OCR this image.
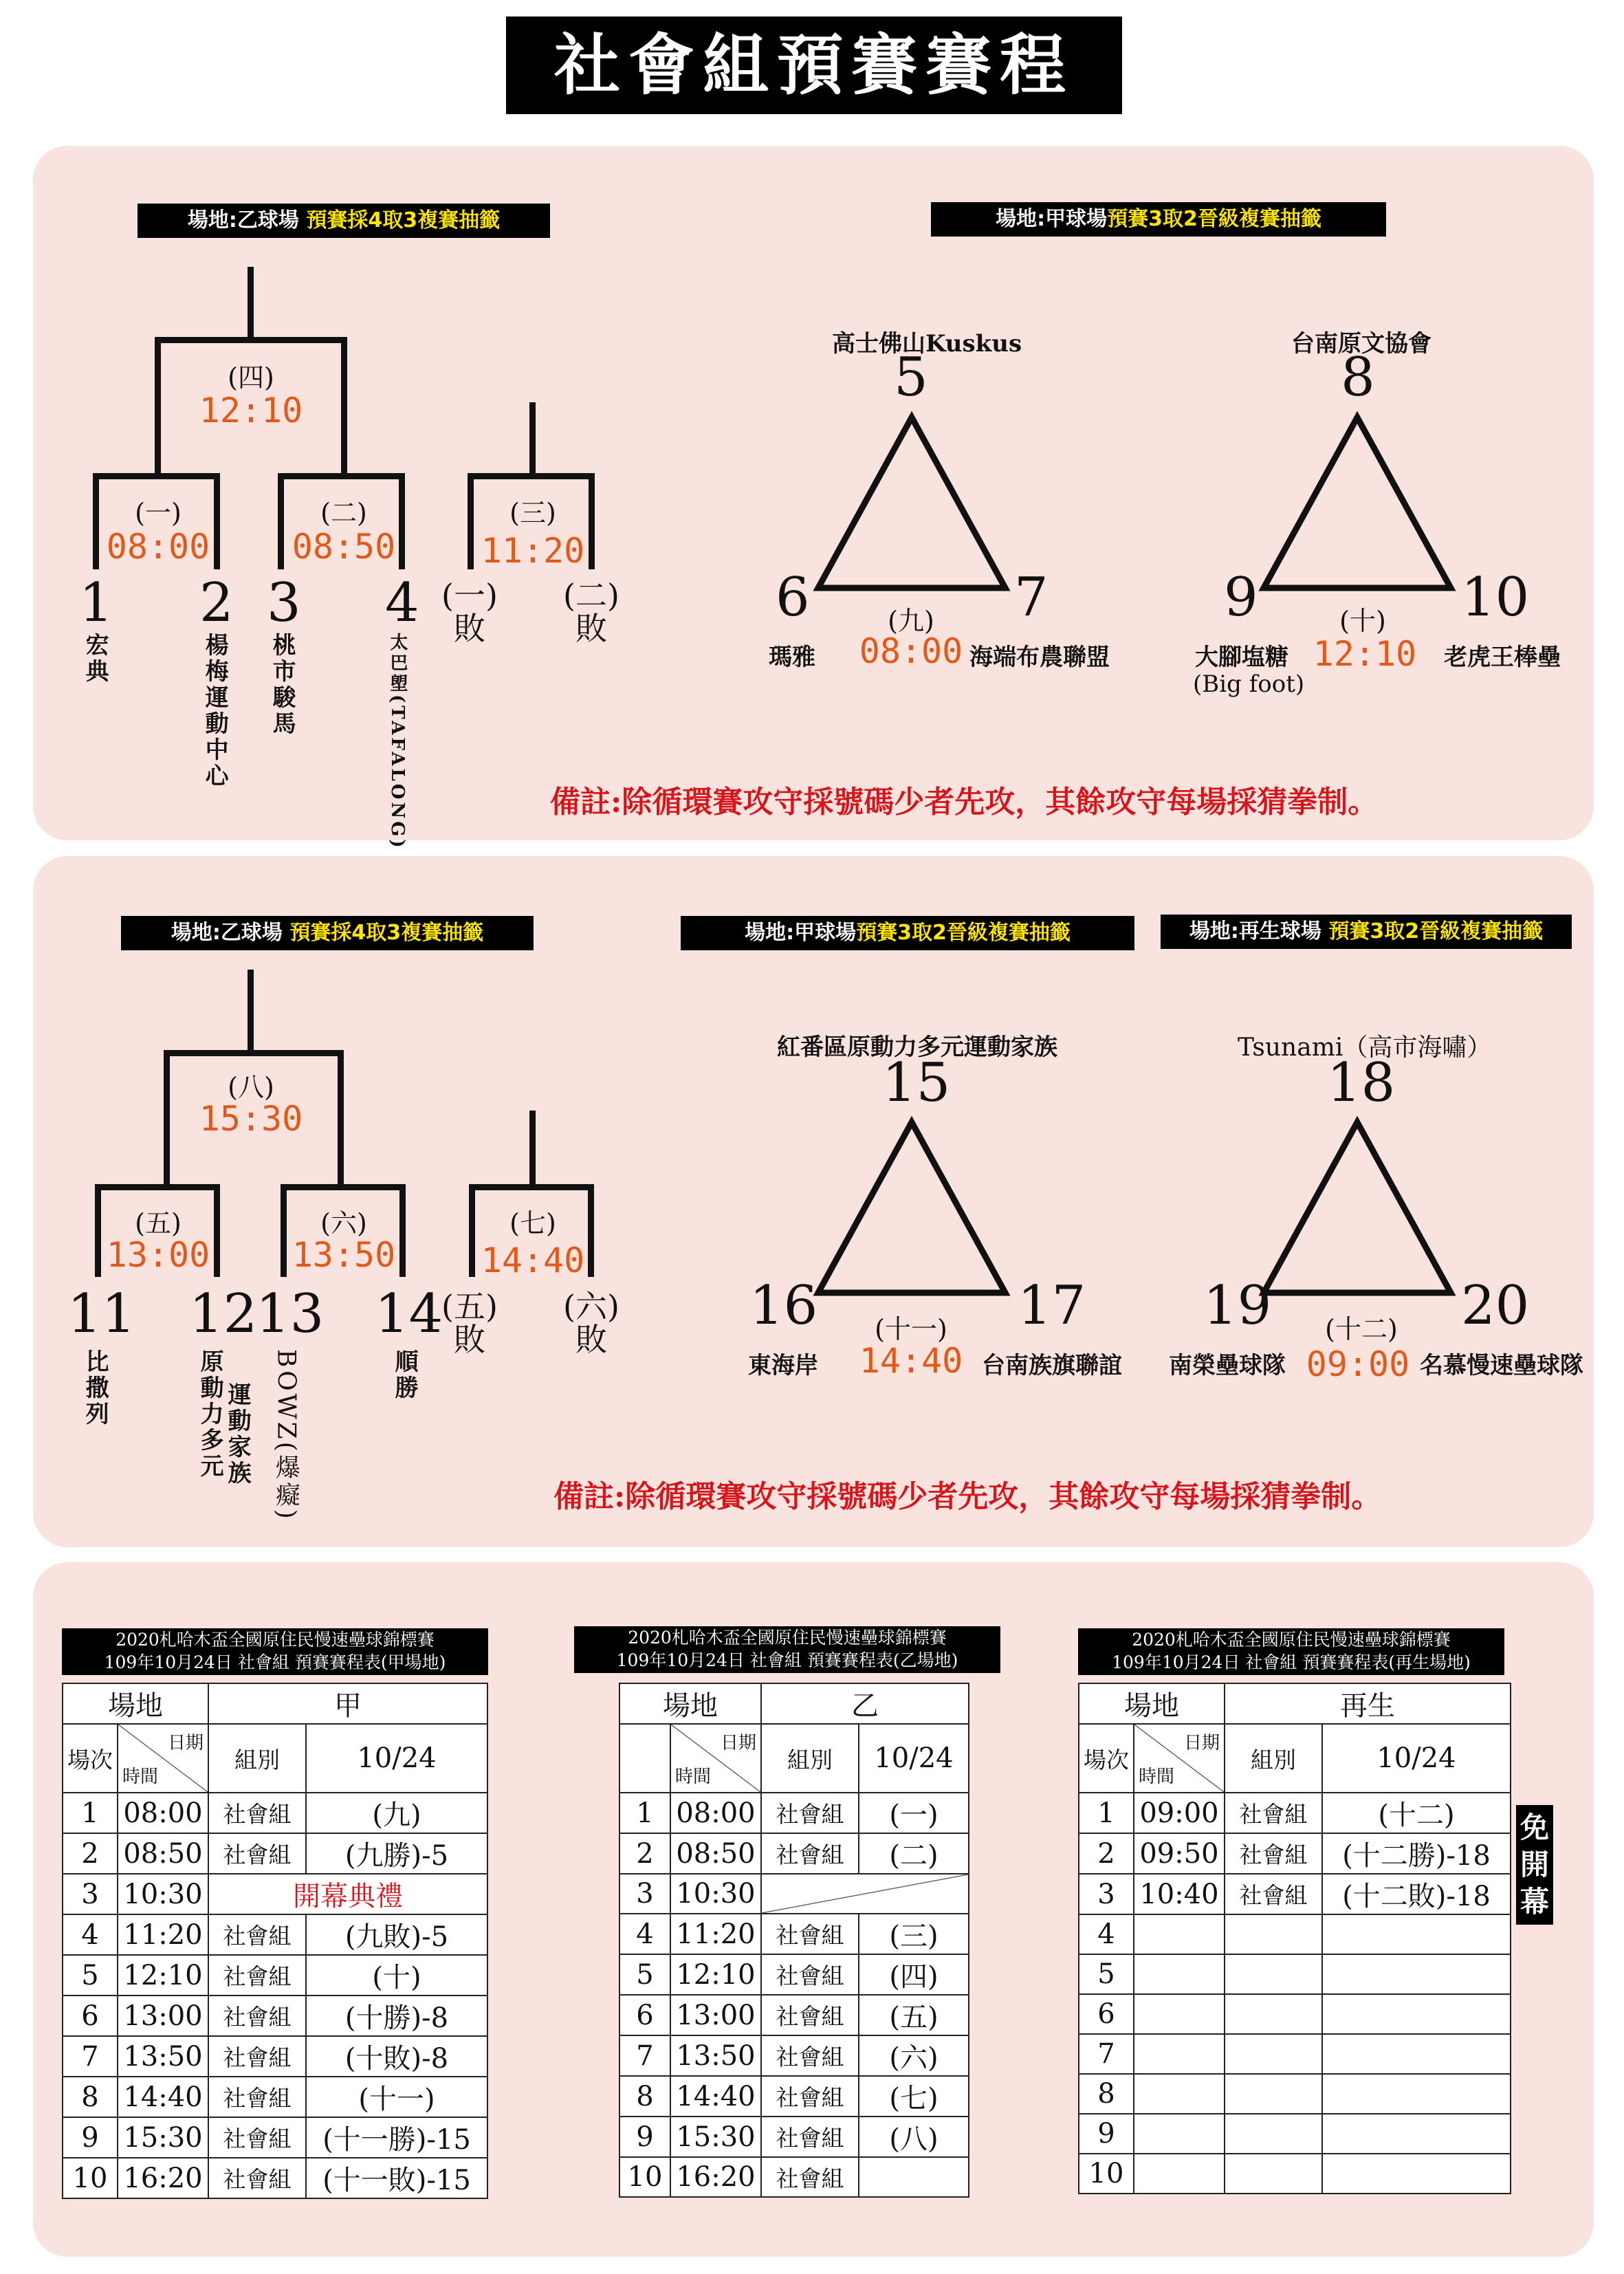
社會組預賽賽程
場地:乙球場 預賽採4取3複賽抽籤	場地:甲球場預賽3取2晉級複賽抽籤
(四)
12:10
(一)
08:00
(二)
08:50
(三)
11:20
1 2 3 4
宏典	楊梅運動中心 桃市駿馬	太巴塱(TAFALONG)
(一)
敗
(二)
敗
高士佛山Kuskus
5
6	7
瑪雅	海端布農聯盟
(九)
08:00
台南原文協會
8
9	10
大腳塩糖
(Big foot)
老虎王棒壘
(十)
12:10
備註:除循環賽攻守採號碼少者先攻，其餘攻守每場採猜拳制。
場地:乙球場 預賽採4取3複賽抽籤	場地:甲球場預賽3取2晉級複賽抽籤	場地:再生球場 預賽3取2晉級複賽抽籤
(八)
15:30
(五)
13:00
(六)
13:50
(七)
14:40
11 12
13 14
比撒列	原動力多元 運動家族 BOWZ(爆癡)	順勝
(五)
敗
(六)
敗
紅番區原動力多元運動家族
15
16	17
東海岸	台南族旗聯誼
(十一)
14:40
Tsunami（高市海嘯）
18
19	20
南榮壘球隊	名慕慢速壘球隊
(十二)
09:00
備註:除循環賽攻守採號碼少者先攻，其餘攻守每場採猜拳制。
2020札哈木盃全國原住民慢速壘球錦標賽
109年10月24日 社會組 預賽賽程表(甲場地)
場地		甲	
場次	日期
時間	組別	10/24
1	08:00	社會組	(九)
2	08:50	社會組	(九勝)-5
3	10:30	開幕典禮	
4	11:20	社會組	(九敗)-5
5	12:10	社會組	(十)
6	13:00	社會組	(十勝)-8
7	13:50	社會組	(十敗)-8
8	14:40	社會組	(十一)
9	15:30	社會組	(十一勝)-15
10	16:20	社會組	(十一敗)-15
2020札哈木盃全國原住民慢速壘球錦標賽
109年10月24日 社會組 預賽賽程表(乙場地)
場地		乙	

	日期
時間	組別	10/24
1	08:00	社會組	(一)
2	08:50	社會組	(二)
3	10:30		
4	11:20	社會組	(三)
5	12:10	社會組	(四)
6	13:00	社會組	(五)
7	13:50	社會組	(六)
8	14:40	社會組	(七)
9	15:30	社會組	(八)
10	16:20	社會組	
2020札哈木盃全國原住民慢速壘球錦標賽
109年10月24日 社會組 預賽賽程表(再生場地)
場地		再生	
場次	日期
時間	組別	10/24
1	09:00	社會組	(十二)
2	09:50	社會組	(十二勝)-18
3	10:40	社會組	(十二敗)-18
4			
5			
6			
7			
8			
9			
10			
免開幕
